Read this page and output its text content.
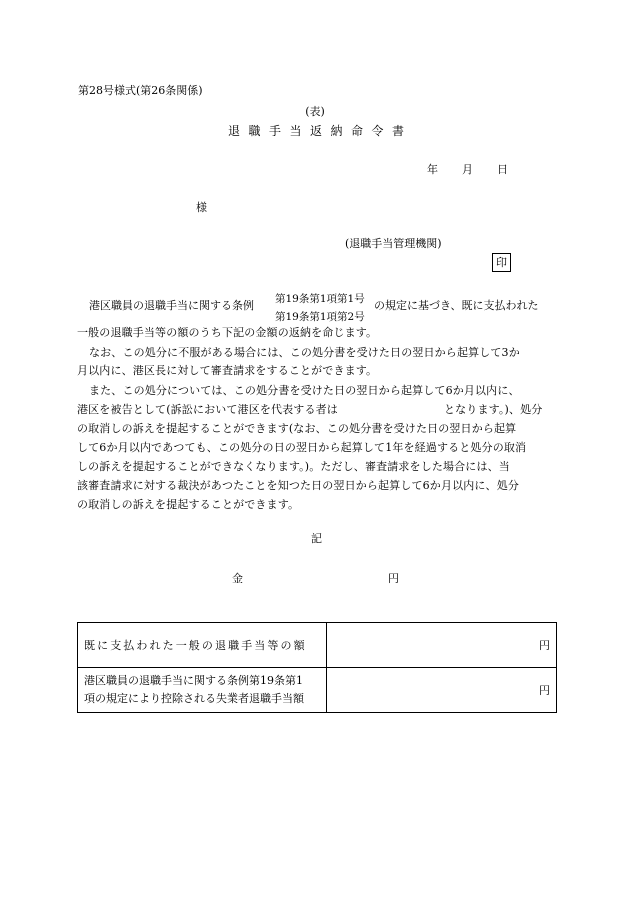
第28号様式(第26条関係)
(表)
退職手当返納命令書
年 月 日
様
(退職手当管理機関)
印
港区職員の退職手当に関する条例 第19条第1項第1号
第19条第1項第2号
の規定に基づき、既に支払われた
一般の退職手当等の額のうち下記の金額の返納を命じます。
なお、この処分に不服がある場合には、この処分書を受けた日の翌日から起算して3か
月以内に、港区長に対して審査請求をすることができます。
また、この処分については、この処分書を受けた日の翌日から起算して6か月以内に、
港区を被告として(訴訟において港区を代表する者は	となります。)、処分
の取消しの訴えを提起することができます(なお、この処分書を受けた日の翌日から起算
して6か月以内であつても、この処分の日の翌日から起算して1年を経過すると処分の取消
しの訴えを提起することができなくなります。)。ただし、審査請求をした場合には、当
該審査請求に対する裁決があつたことを知つた日の翌日から起算して6か月以内に、処分
の取消しの訴えを提起することができます。
記
金	円
既に支払われた一般の退職手当等の額	円

港区職員の退職手当に関する条例第19条第1
項の規定により控除される失業者退職手当額	円
